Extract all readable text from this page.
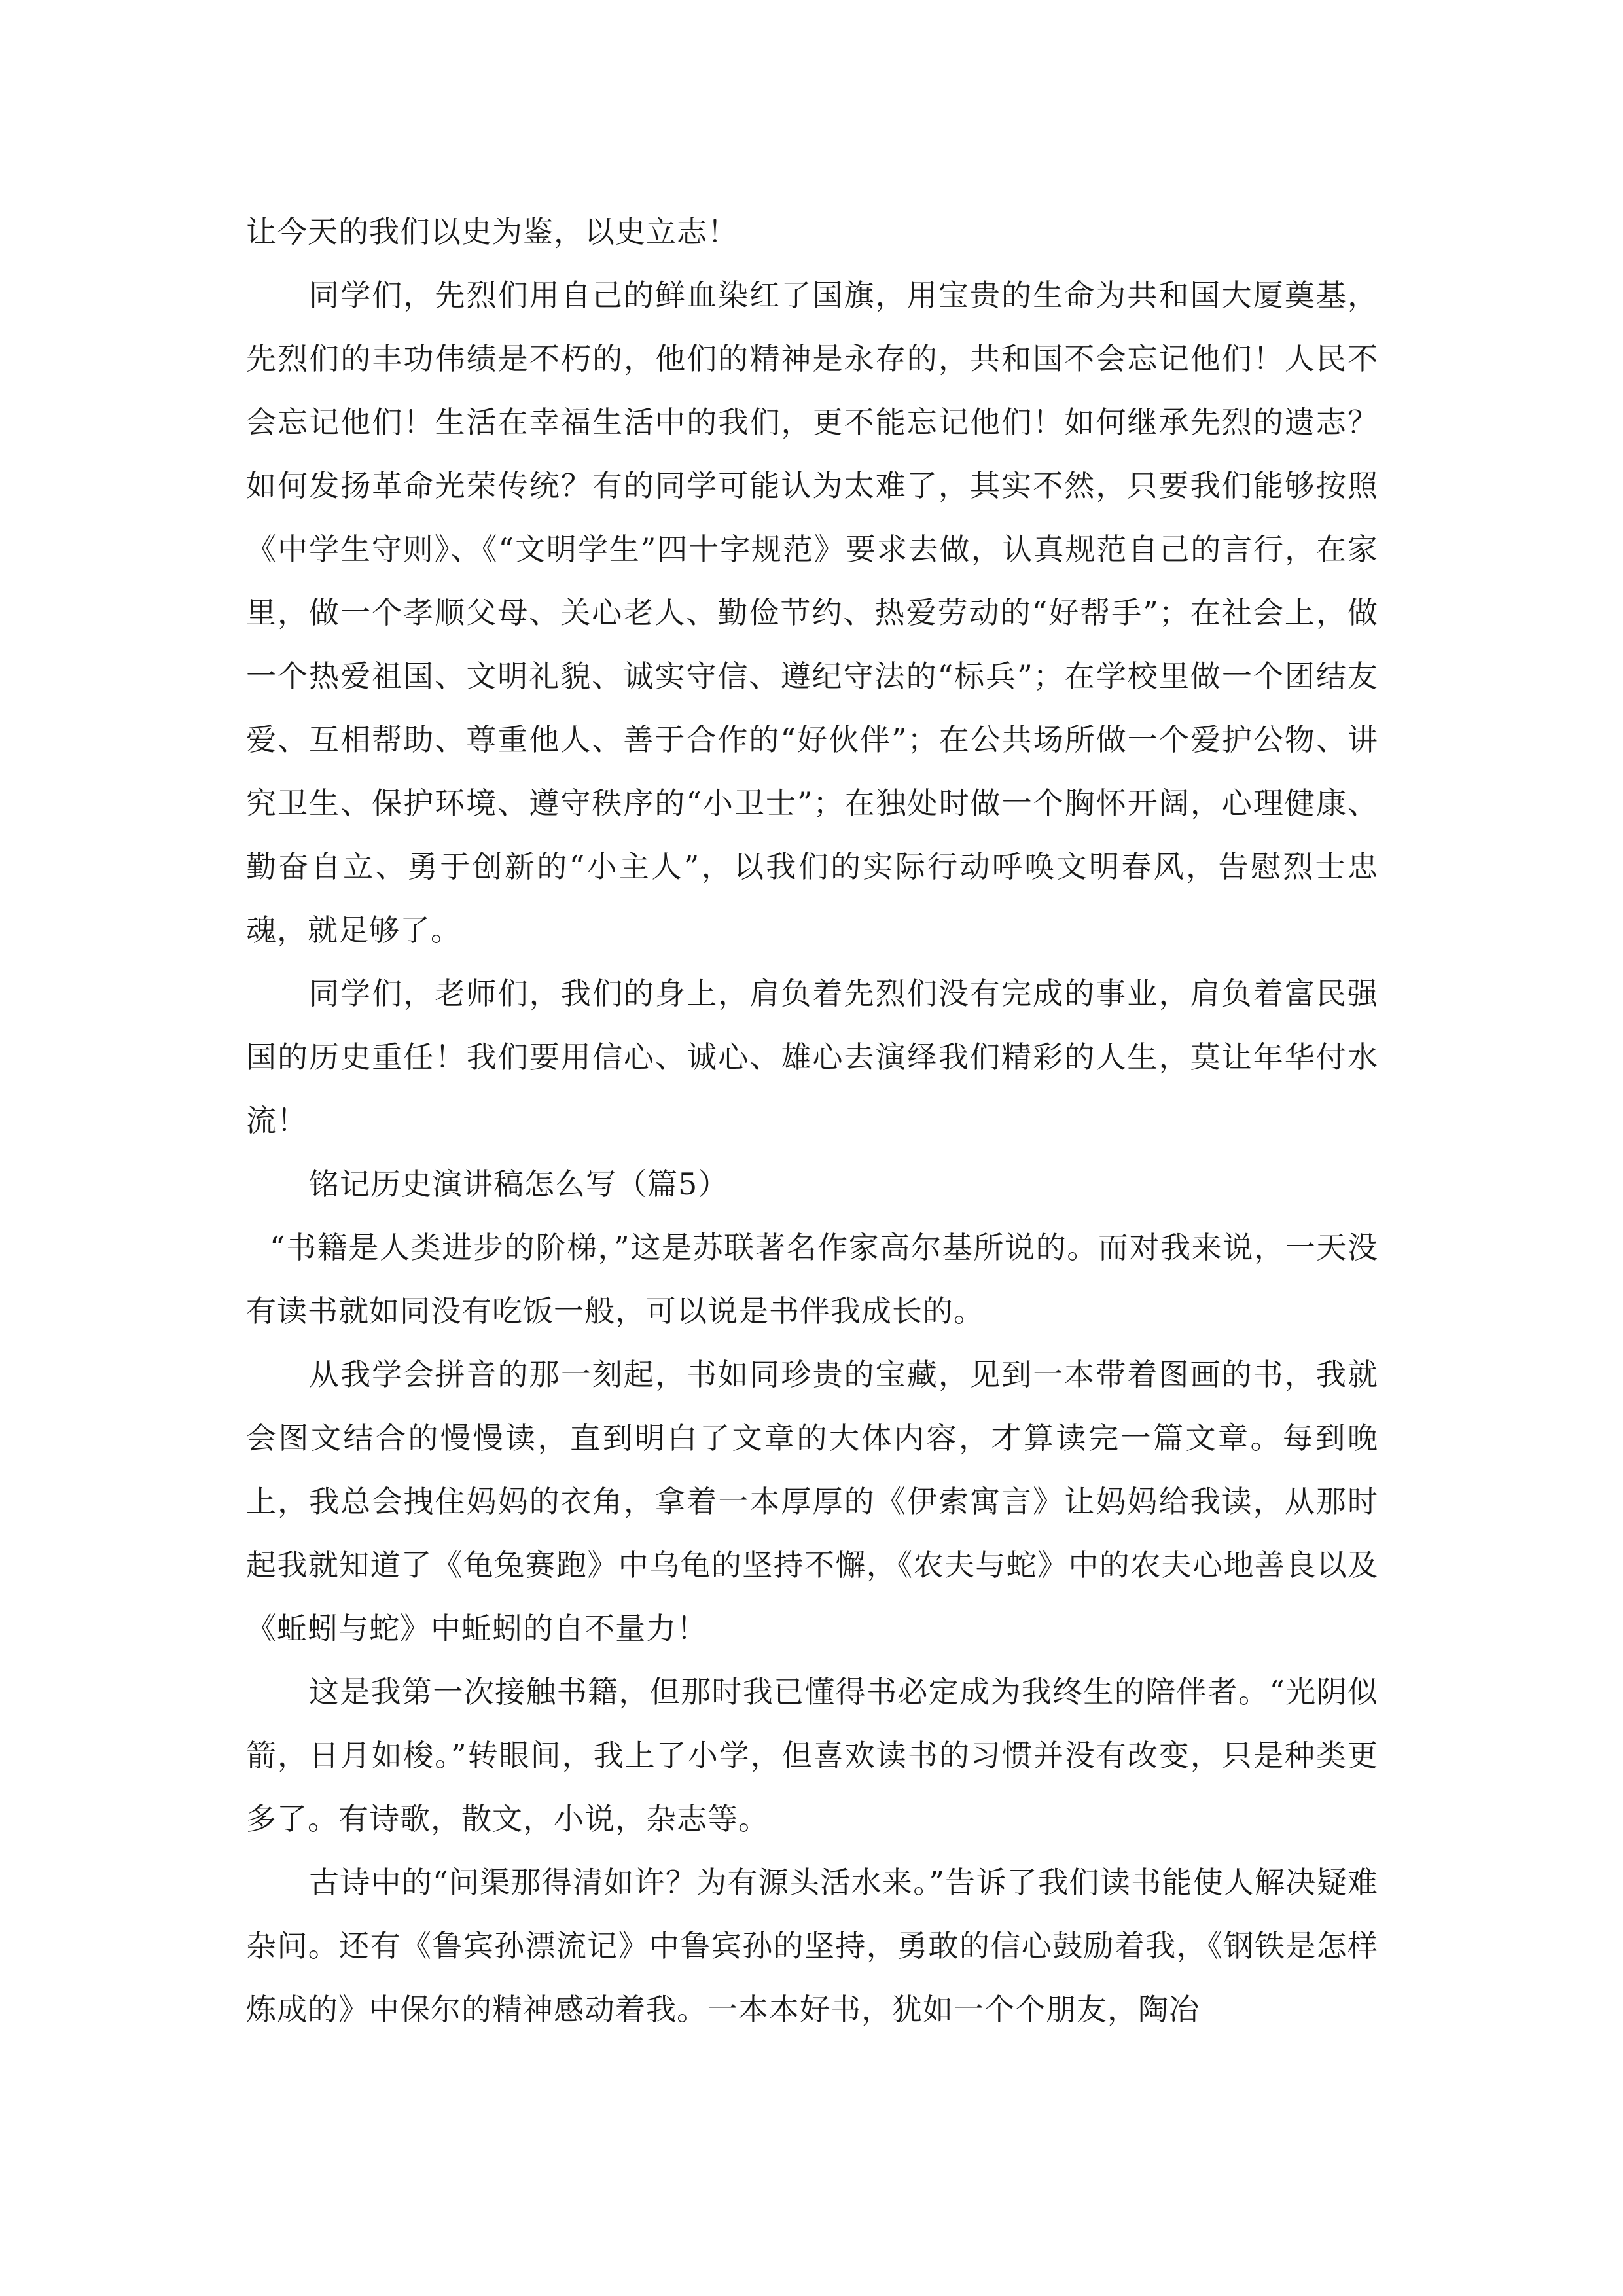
让今天的我们以史为鉴，以史立志！

同学们，先烈们用自己的鲜血染红了国旗，用宝贵的生命为共和国大厦奠基，先烈们的丰功伟绩是不朽的，他们的精神是永存的，共和国不会忘记他们！人民不会忘记他们！生活在幸福生活中的我们，更不能忘记他们！如何继承先烈的遗志？如何发扬革命光荣传统？有的同学可能认为太难了，其实不然，只要我们能够按照《中学生守则》、《“文明学生”四十字规范》要求去做，认真规范自己的言行，在家里，做一个孝顺父母、关心老人、勤俭节约、热爱劳动的“好帮手”；在社会上，做一个热爱祖国、文明礼貌、诚实守信、遵纪守法的“标兵”；在学校里做一个团结友爱、互相帮助、尊重他人、善于合作的“好伙伴”；在公共场所做一个爱护公物、讲究卫生、保护环境、遵守秩序的“小卫士”；在独处时做一个胸怀开阔，心理健康、勤奋自立、勇于创新的“小主人”，以我们的实际行动呼唤文明春风，告慰烈士忠魂，就足够了。

同学们，老师们，我们的身上，肩负着先烈们没有完成的事业，肩负着富民强国的历史重任！我们要用信心、诚心、雄心去演绎我们精彩的人生，莫让年华付水流！

铭记历史演讲稿怎么写（篇5）

“书籍是人类进步的阶梯，”这是苏联著名作家高尔基所说的。而对我来说，一天没有读书就如同没有吃饭一般，可以说是书伴我成长的。

从我学会拼音的那一刻起，书如同珍贵的宝藏，见到一本带着图画的书，我就会图文结合的慢慢读，直到明白了文章的大体内容，才算读完一篇文章。每到晚上，我总会拽住妈妈的衣角，拿着一本厚厚的《伊索寓言》让妈妈给我读，从那时起我就知道了《龟兔赛跑》中乌龟的坚持不懈，《农夫与蛇》中的农夫心地善良以及《蚯蚓与蛇》中蚯蚓的自不量力！

这是我第一次接触书籍，但那时我已懂得书必定成为我终生的陪伴者。“光阴似箭，日月如梭。”转眼间，我上了小学，但喜欢读书的习惯并没有改变，只是种类更多了。有诗歌，散文，小说，杂志等。

古诗中的“问渠那得清如许？为有源头活水来。”告诉了我们读书能使人解决疑难杂问。还有《鲁宾孙漂流记》中鲁宾孙的坚持，勇敢的信心鼓励着我，《钢铁是怎样炼成的》中保尔的精神感动着我。一本本好书，犹如一个个朋友，陶冶
